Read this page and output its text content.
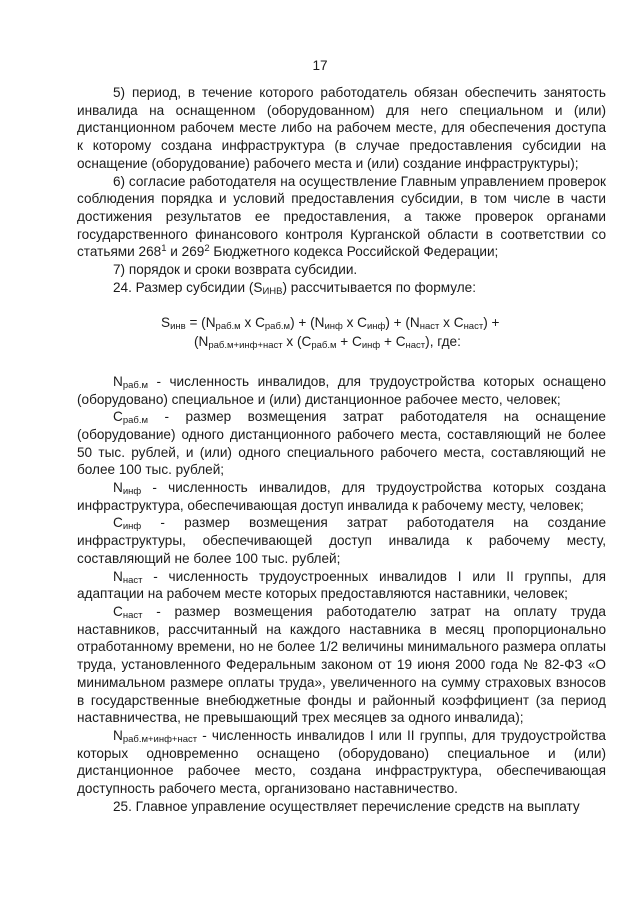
17

5) период, в течение которого работодатель обязан обеспечить занятость инвалида на оснащенном (оборудованном) для него специальном и (или) дистанционном рабочем месте либо на рабочем месте, для обеспечения доступа к которому создана инфраструктура (в случае предоставления субсидии на оснащение (оборудование) рабочего места и (или) создание инфраструктуры);

6) согласие работодателя на осуществление Главным управлением проверок соблюдения порядка и условий предоставления субсидии, в том числе в части достижения результатов ее предоставления, а также проверок органами государственного финансового контроля Курганской области в соответствии со статьями $268^1$ и $269^2$ Бюджетного кодекса Российской Федерации;

7) порядок и сроки возврата субсидии.

24. Размер субсидии $(S_{ИНВ})$ рассчитывается по формуле:

$S_{инв} = (N_{раб.м}$ x $C_{раб.м}) + (N_{инф}$ x $C_{инф}) + (N_{наст}$ x $C_{наст}$) +
($N_{раб.м+инф+наст}$ x $(C_{раб.м} + C_{инф} + C_{наст})$, где:

$N_{раб.м}$ - численность инвалидов, для трудоустройства которых оснащено (оборудовано) специальное и (или) дистанционное рабочее место, человек;

$C_{раб.м}$ - размер возмещения затрат работодателя на оснащение (оборудование) одного дистанционного рабочего места, составляющий не более 50 тыс. рублей, и (или) одного специального рабочего места, составляющий не более 100 тыс. рублей;

$N_{инф}$ - численность инвалидов, для трудоустройства которых создана инфраструктура, обеспечивающая доступ инвалида к рабочему месту, человек;

$C_{инф}$ - размер возмещения затрат работодателя на создание инфраструктуры, обеспечивающей доступ инвалида к рабочему месту, составляющий не более 100 тыс. рублей;

$N_{наст}$ - численность трудоустроенных инвалидов I или II группы, для адаптации на рабочем месте которых предоставляются наставники, человек;

$C_{наст}$ - размер возмещения работодателю затрат на оплату труда наставников, рассчитанный на каждого наставника в месяц пропорционально отработанному времени, но не более 1/2 величины минимального размера оплаты труда, установленного Федеральным законом от 19 июня 2000 года № 82-ФЗ «О минимальном размере оплаты труда», увеличенного на сумму страховых взносов в государственные внебюджетные фонды и районный коэффициент (за период наставничества, не превышающий трех месяцев за одного инвалида);

$N_{раб.м+инф+наст}$ - численность инвалидов I или II группы, для трудоустройства которых одновременно оснащено (оборудовано) специальное и (или) дистанционное рабочее место, создана инфраструктура, обеспечивающая доступность рабочего места, организовано наставничество.

25. Главное управление осуществляет перечисление средств на выплату
